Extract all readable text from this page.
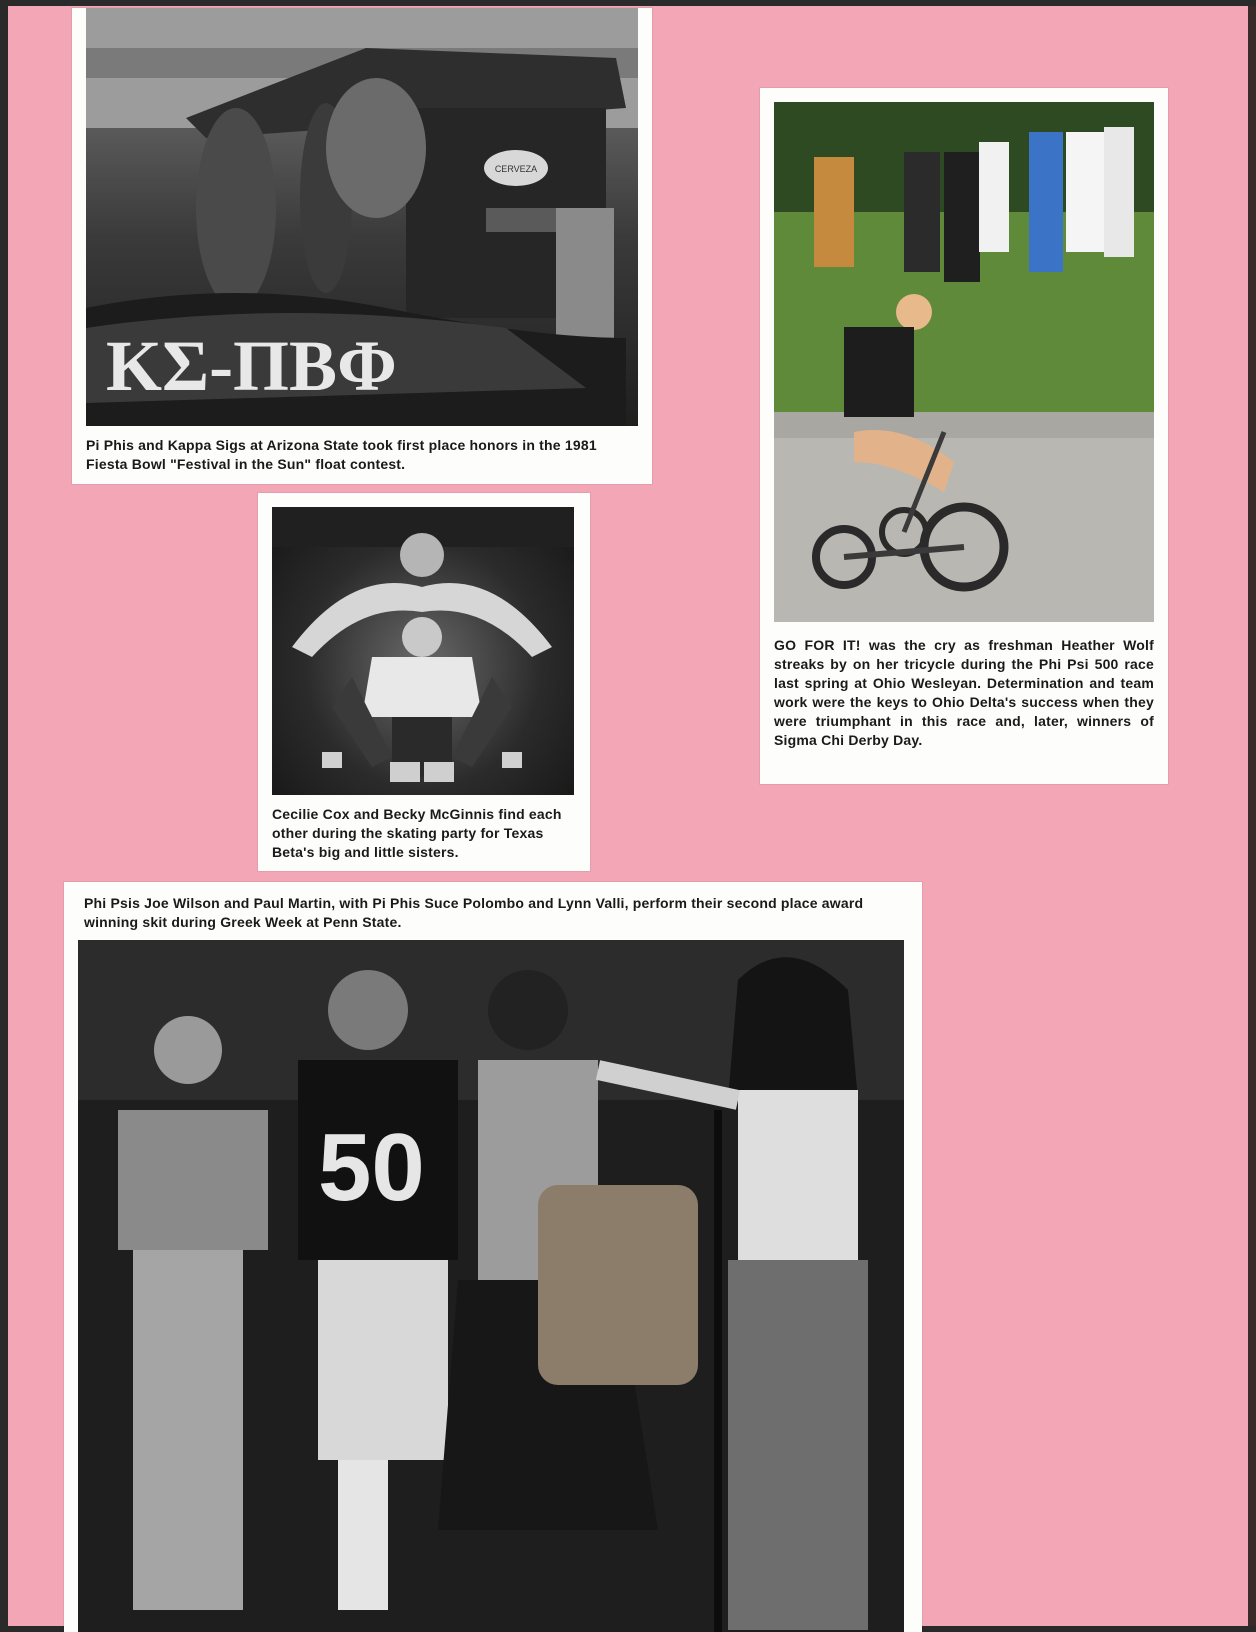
CERVEZA
ΚΣ-ΠΒΦ
Pi Phis and Kappa Sigs at Arizona State took first place honors in the 1981 Fiesta Bowl "Festival in the Sun" float contest.
Cecilie Cox and Becky McGinnis find each other during the skating party for Texas Beta's big and little sisters.
GO FOR IT! was the cry as freshman Heather Wolf streaks by on her tricycle during the Phi Psi 500 race last spring at Ohio Wesleyan. Determination and team work were the keys to Ohio Delta's success when they were triumphant in this race and, later, winners of Sigma Chi Derby Day.
Phi Psis Joe Wilson and Paul Martin, with Pi Phis Suce Polombo and Lynn Valli, perform their second place award winning skit during Greek Week at Penn State.
50
